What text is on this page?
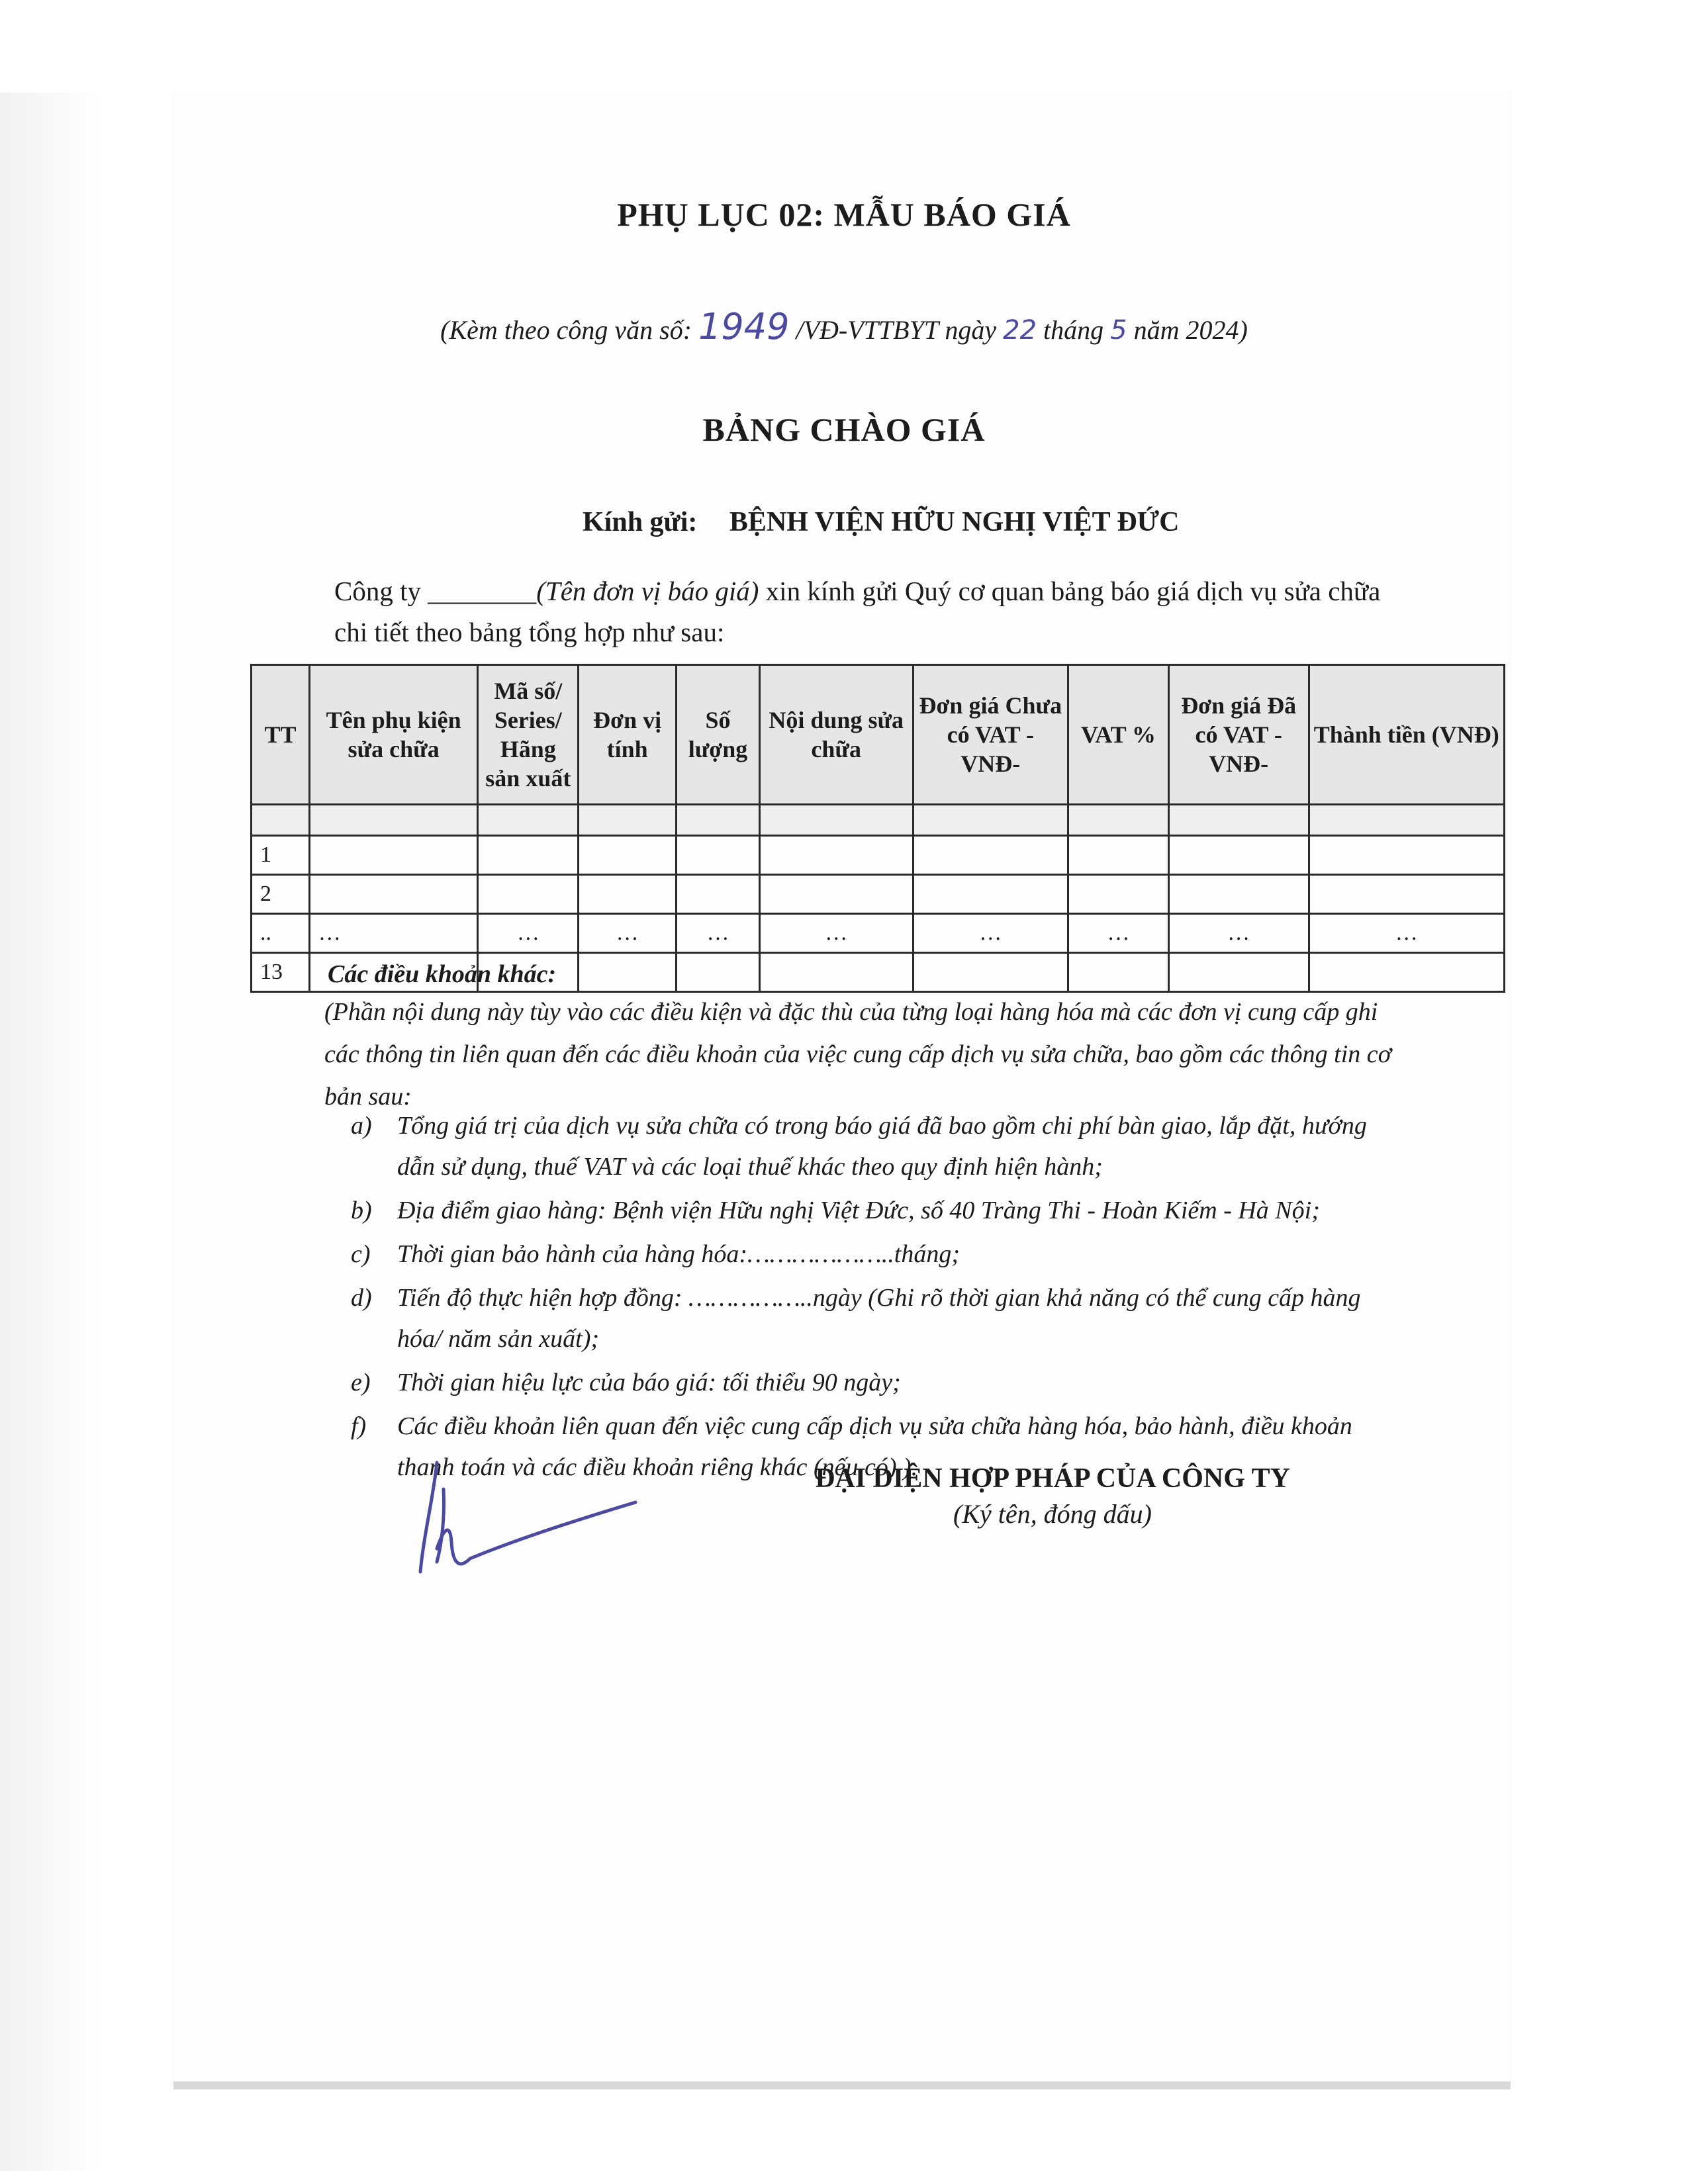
PHỤ LỤC 02: MẪU BÁO GIÁ
(Kèm theo công văn số: 1949 /VĐ-VTTBYT ngày 22 tháng 5 năm 2024)
BẢNG CHÀO GIÁ
Kính gửi: BỆNH VIỆN HỮU NGHỊ VIỆT ĐỨC
Công ty ________(Tên đơn vị báo giá) xin kính gửi Quý cơ quan bảng báo giá dịch vụ sửa chữa chi tiết theo bảng tổng hợp như sau:
TT	Tên phụ kiện sửa chữa	Mã số/ Series/ Hãng sản xuất	Đơn vị tính	Số lượng	Nội dung sửa chữa	Đơn giá Chưa có VAT -VNĐ-	VAT %	Đơn giá Đã có VAT -VNĐ-	Thành tiền (VNĐ)

1									
2									
..	…	…	…	…	…	…	…	…	…
13									Các điều khoản khác:
(Phần nội dung này tùy vào các điều kiện và đặc thù của từng loại hàng hóa mà các đơn vị cung cấp ghi các thông tin liên quan đến các điều khoản của việc cung cấp dịch vụ sửa chữa, bao gồm các thông tin cơ bản sau:
a)	Tổng giá trị của dịch vụ sửa chữa có trong báo giá đã bao gồm chi phí bàn giao, lắp đặt, hướng dẫn sử dụng, thuế VAT và các loại thuế khác theo quy định hiện hành;
b)	Địa điểm giao hàng: Bệnh viện Hữu nghị Việt Đức, số 40 Tràng Thi - Hoàn Kiếm - Hà Nội;
c)	Thời gian bảo hành của hàng hóa:………………..tháng;
d)	Tiến độ thực hiện hợp đồng: ……………..ngày (Ghi rõ thời gian khả năng có thể cung cấp hàng hóa/ năm sản xuất);
e)	Thời gian hiệu lực của báo giá: tối thiểu 90 ngày;
f)	Các điều khoản liên quan đến việc cung cấp dịch vụ sửa chữa hàng hóa, bảo hành, điều khoản thanh toán và các điều khoản riêng khác (nếu có) ).
ĐẠI DIỆN HỢP PHÁP CỦA CÔNG TY
(Ký tên, đóng dấu)
